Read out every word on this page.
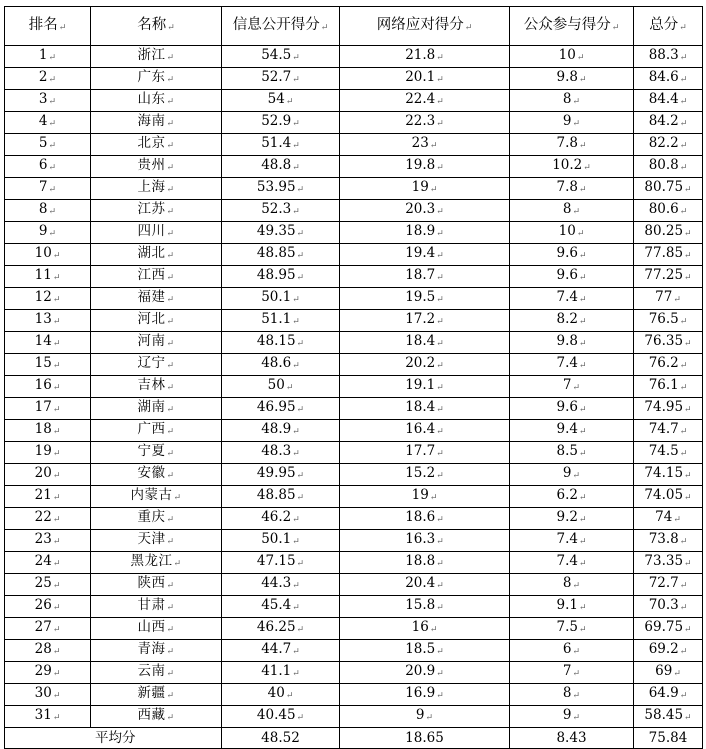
排名↵	名称↵	信息公开得分↵	网络应对得分↵	公众参与得分↵	总分↵
1↵	浙江↵	54.5↵	21.8↵	10↵	88.3↵
2↵	广东↵	52.7↵	20.1↵	9.8↵	84.6↵
3↵	山东↵	54↵	22.4↵	8↵	84.4↵
4↵	海南↵	52.9↵	22.3↵	9↵	84.2↵
5↵	北京↵	51.4↵	23↵	7.8↵	82.2↵
6↵	贵州↵	48.8↵	19.8↵	10.2↵	80.8↵
7↵	上海↵	53.95↵	19↵	7.8↵	80.75↵
8↵	江苏↵	52.3↵	20.3↵	8↵	80.6↵
9↵	四川↵	49.35↵	18.9↵	10↵	80.25↵
10↵	湖北↵	48.85↵	19.4↵	9.6↵	77.85↵
11↵	江西↵	48.95↵	18.7↵	9.6↵	77.25↵
12↵	福建↵	50.1↵	19.5↵	7.4↵	77↵
13↵	河北↵	51.1↵	17.2↵	8.2↵	76.5↵
14↵	河南↵	48.15↵	18.4↵	9.8↵	76.35↵
15↵	辽宁↵	48.6↵	20.2↵	7.4↵	76.2↵
16↵	吉林↵	50↵	19.1↵	7↵	76.1↵
17↵	湖南↵	46.95↵	18.4↵	9.6↵	74.95↵
18↵	广西↵	48.9↵	16.4↵	9.4↵	74.7↵
19↵	宁夏↵	48.3↵	17.7↵	8.5↵	74.5↵
20↵	安徽↵	49.95↵	15.2↵	9↵	74.15↵
21↵	内蒙古↵	48.85↵	19↵	6.2↵	74.05↵
22↵	重庆↵	46.2↵	18.6↵	9.2↵	74↵
23↵	天津↵	50.1↵	16.3↵	7.4↵	73.8↵
24↵	黑龙江↵	47.15↵	18.8↵	7.4↵	73.35↵
25↵	陕西↵	44.3↵	20.4↵	8↵	72.7↵
26↵	甘肃↵	45.4↵	15.8↵	9.1↵	70.3↵
27↵	山西↵	46.25↵	16↵	7.5↵	69.75↵
28↵	青海↵	44.7↵	18.5↵	6↵	69.2↵
29↵	云南↵	41.1↵	20.9↵	7↵	69↵
30↵	新疆↵	40↵	16.9↵	8↵	64.9↵
31↵	西藏↵	40.45↵	9↵	9↵	58.45↵
平均分		48.52	18.65	8.43	75.84
